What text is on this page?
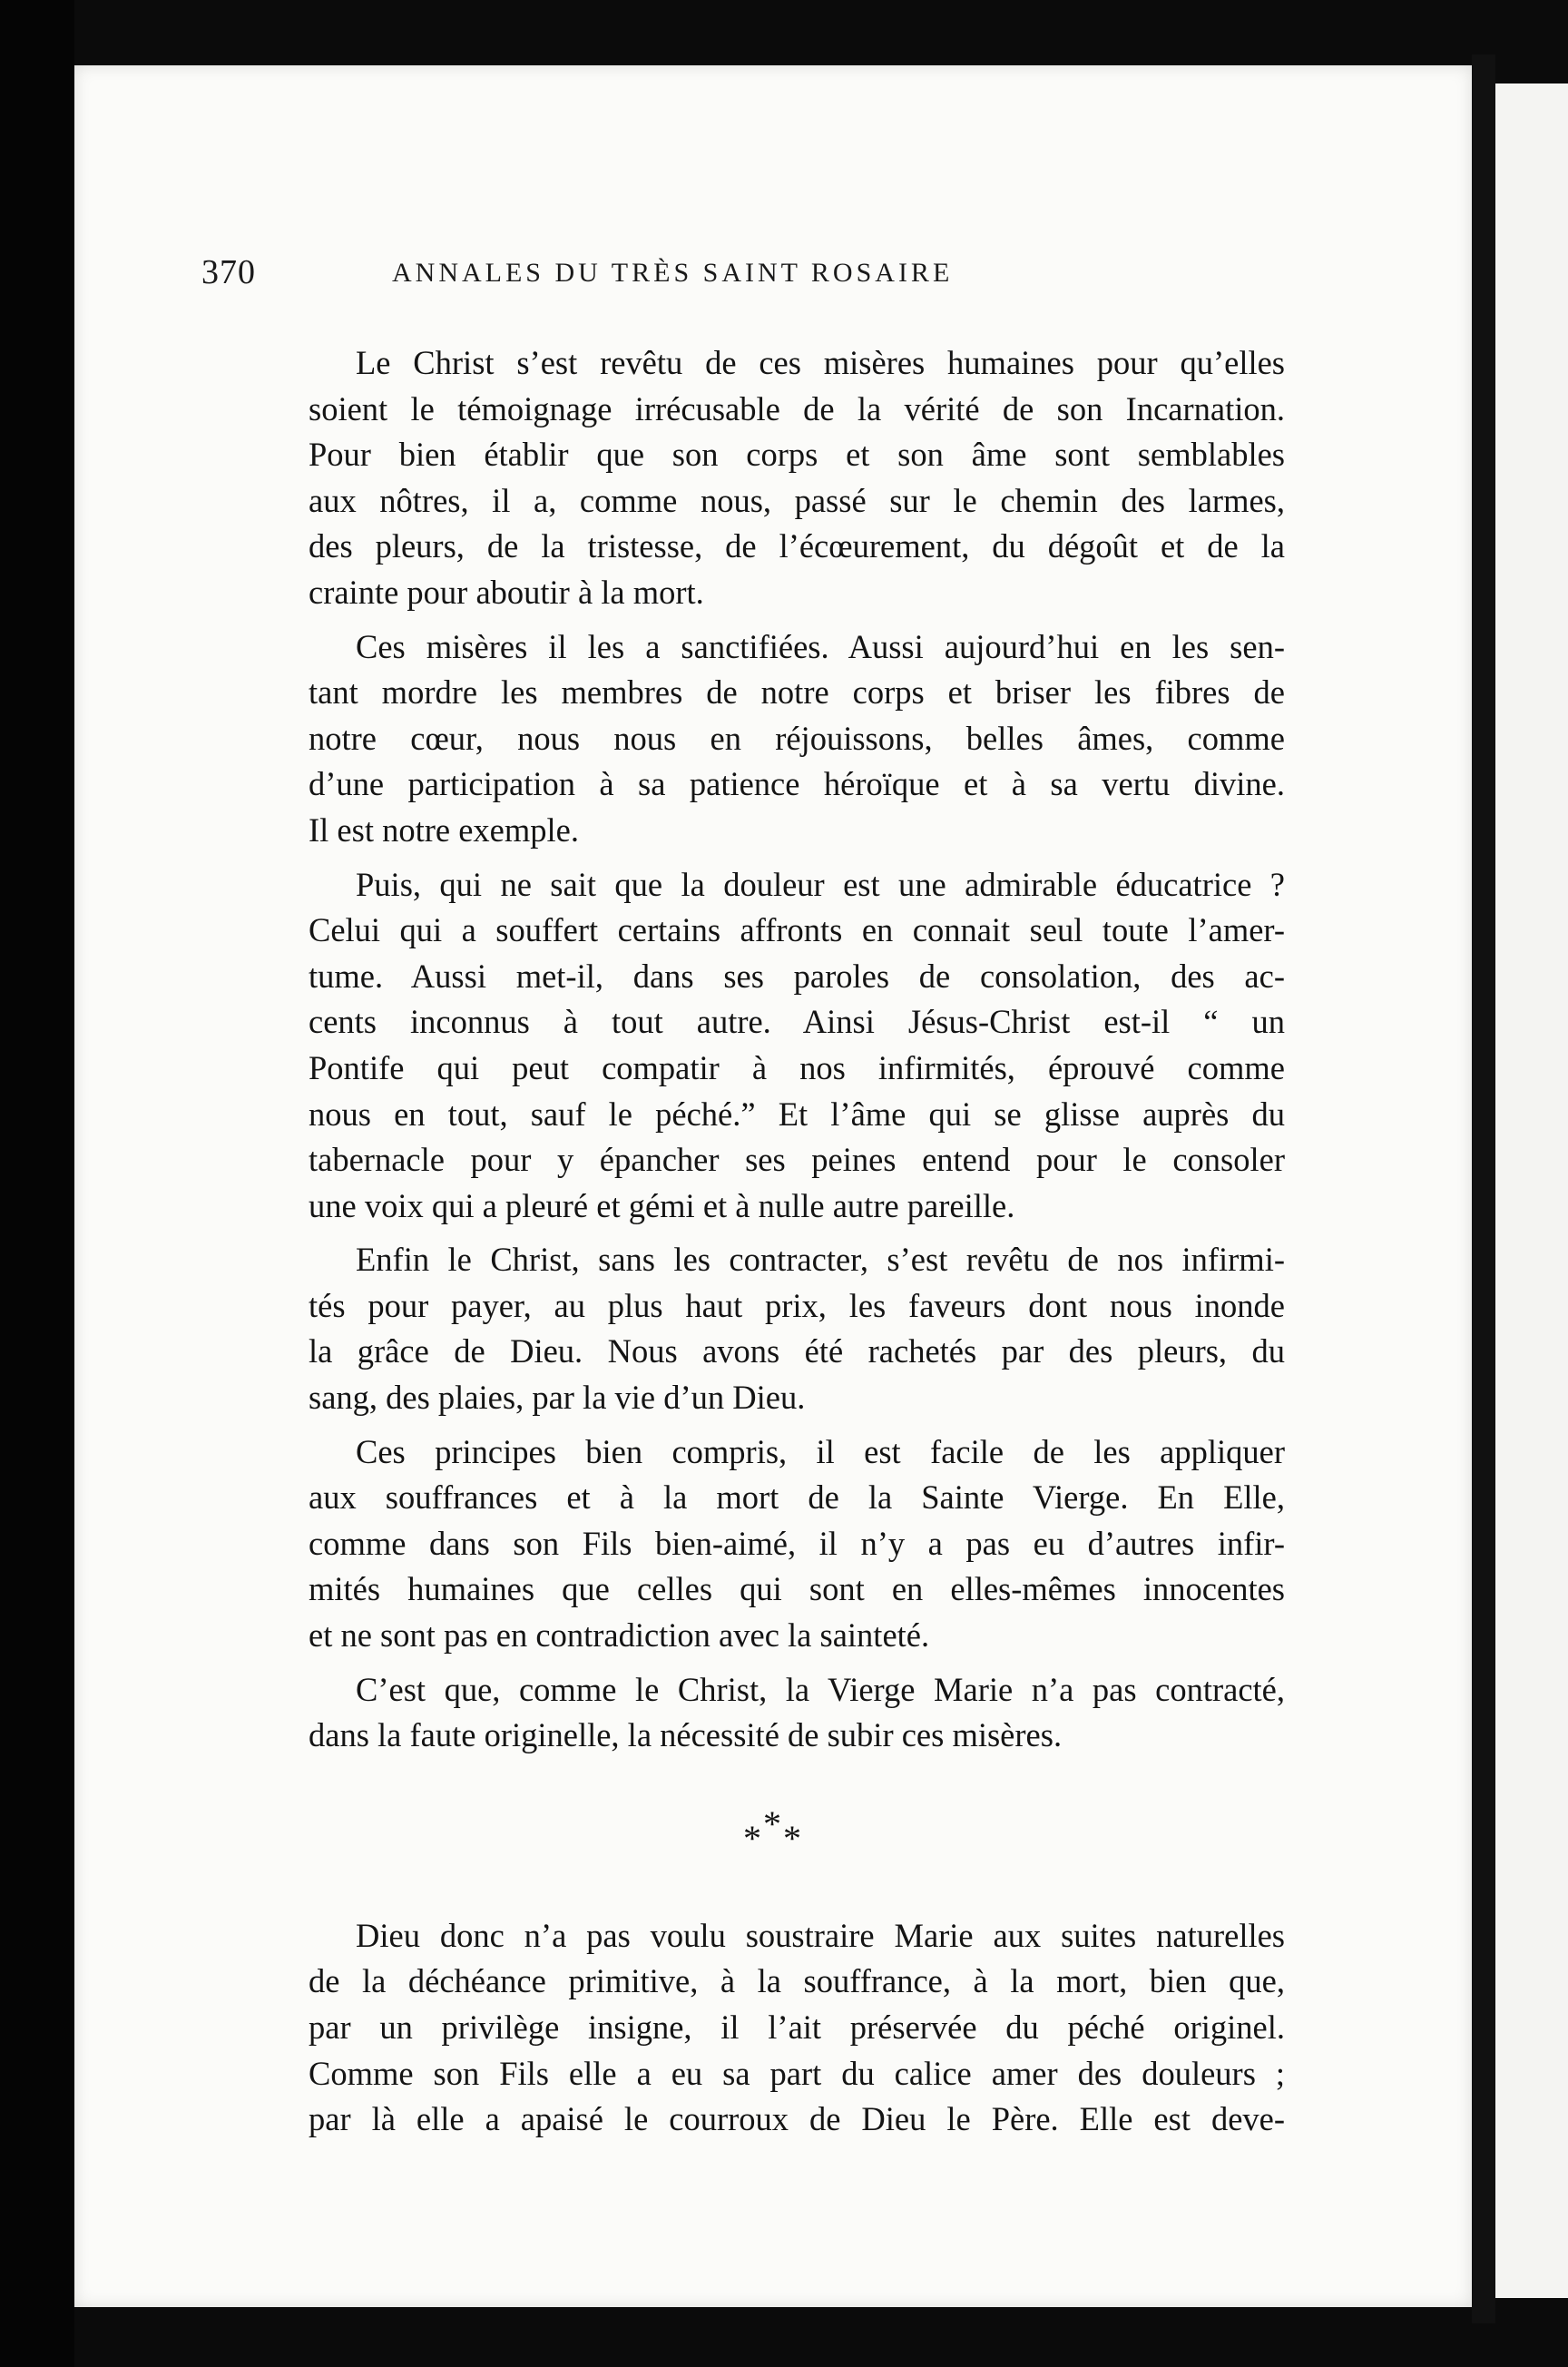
370	ANNALES DU TRÈS SAINT ROSAIRE
Le Christ s’est revêtu de ces misères humaines pour qu’elles
soient le témoignage irrécusable de la vérité de son Incarnation.
Pour bien établir que son corps et son âme sont semblables
aux nôtres, il a, comme nous, passé sur le chemin des larmes,
des pleurs, de la tristesse, de l’écœurement, du dégoût et de la
crainte pour aboutir à la mort.
Ces misères il les a sanctifiées. Aussi aujourd’hui en les sen-
tant mordre les membres de notre corps et briser les fibres de
notre cœur, nous nous en réjouissons, belles âmes, comme
d’une participation à sa patience héroïque et à sa vertu divine.
Il est notre exemple.
Puis, qui ne sait que la douleur est une admirable éducatrice ?
Celui qui a souffert certains affronts en connait seul toute l’amer-
tume. Aussi met-il, dans ses paroles de consolation, des ac-
cents inconnus à tout autre. Ainsi Jésus-Christ est-il “ un
Pontife qui peut compatir à nos infirmités, éprouvé comme
nous en tout, sauf le péché.” Et l’âme qui se glisse auprès du
tabernacle pour y épancher ses peines entend pour le consoler
une voix qui a pleuré et gémi et à nulle autre pareille.
Enfin le Christ, sans les contracter, s’est revêtu de nos infirmi-
tés pour payer, au plus haut prix, les faveurs dont nous inonde
la grâce de Dieu. Nous avons été rachetés par des pleurs, du
sang, des plaies, par la vie d’un Dieu.
Ces principes bien compris, il est facile de les appliquer
aux souffrances et à la mort de la Sainte Vierge. En Elle,
comme dans son Fils bien-aimé, il n’y a pas eu d’autres infir-
mités humaines que celles qui sont en elles-mêmes innocentes
et ne sont pas en contradiction avec la sainteté.
C’est que, comme le Christ, la Vierge Marie n’a pas contracté,
dans la faute originelle, la nécessité de subir ces misères.
***
Dieu donc n’a pas voulu soustraire Marie aux suites naturelles
de la déchéance primitive, à la souffrance, à la mort, bien que,
par un privilège insigne, il l’ait préservée du péché originel.
Comme son Fils elle a eu sa part du calice amer des douleurs ;
par là elle a apaisé le courroux de Dieu le Père. Elle est deve-
